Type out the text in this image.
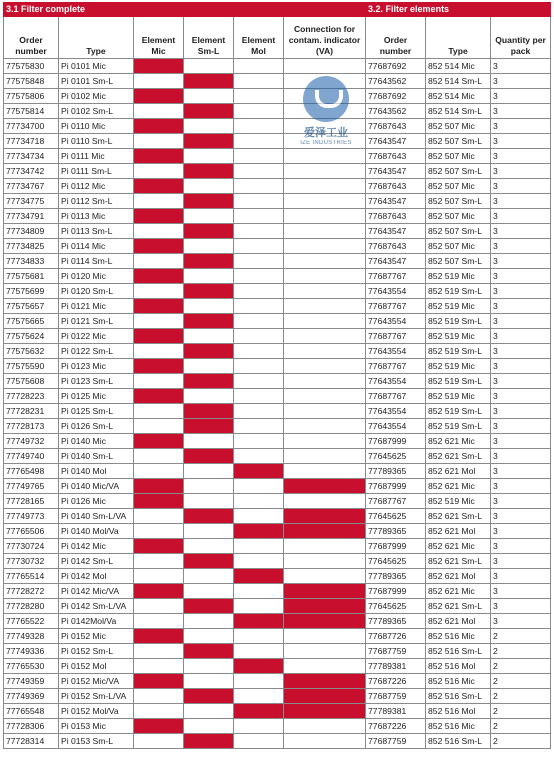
3.1 Filter complete						3.2. Filter elements		
Order number	Type	Element Mic	Element Sm-L	Element Mol	Connection for contam. indicator (VA)	Order number	Type	Quantity per pack
77575830	Pi 0101 Mic					77687692	852 514 Mic	3
77575848	Pi 0101 Sm-L					77643562	852 514 Sm-L	3
77575806	Pi 0102 Mic					77687692	852 514 Mic	3
77575814	Pi 0102 Sm-L					77643562	852 514 Sm-L	3
77734700	Pi 0110 Mic					77687643	852 507 Mic	3
77734718	Pi 0110 Sm-L					77643547	852 507 Sm-L	3
77734734	Pi 0111 Mic					77687643	852 507 Mic	3
77734742	Pi 0111 Sm-L					77643547	852 507 Sm-L	3
77734767	Pi 0112 Mic					77687643	852 507 Mic	3
77734775	Pi 0112 Sm-L					77643547	852 507 Sm-L	3
77734791	Pi 0113 Mic					77687643	852 507 Mic	3
77734809	Pi 0113 Sm-L					77643547	852 507 Sm-L	3
77734825	Pi 0114 Mic					77687643	852 507 Mic	3
77734833	Pi 0114 Sm-L					77643547	852 507 Sm-L	3
77575681	Pi 0120 Mic					77687767	852 519 Mic	3
77575699	Pi 0120 Sm-L					77643554	852 519 Sm-L	3
77575657	Pi 0121 Mic					77687767	852 519 Mic	3
77575665	Pi 0121 Sm-L					77643554	852 519 Sm-L	3
77575624	Pi 0122 Mic					77687767	852 519 Mic	3
77575632	Pi 0122 Sm-L					77643554	852 519 Sm-L	3
77575590	Pi 0123 Mic					77687767	852 519 Mic	3
77575608	Pi 0123 Sm-L					77643554	852 519 Sm-L	3
77728223	Pi 0125 Mic					77687767	852 519 Mic	3
77728231	Pi 0125 Sm-L					77643554	852 519 Sm-L	3
77728173	Pi 0126 Sm-L					77643554	852 519 Sm-L	3
77749732	Pi 0140 Mic					77687999	852 621 Mic	3
77749740	Pi 0140 Sm-L					77645625	852 621 Sm-L	3
77765498	Pi 0140 Mol					77789365	852 621 Mol	3
77749765	Pi 0140 Mic/VA					77687999	852 621 Mic	3
77728165	Pi 0126 Mic					77687767	852 519 Mic	3
77749773	Pi 0140 Sm-L/VA					77645625	852 621 Sm-L	3
77765506	Pi 0140 Mol/Va					77789365	852 621 Mol	3
77730724	Pi 0142 Mic					77687999	852 621 Mic	3
77730732	Pi 0142 Sm-L					77645625	852 621 Sm-L	3
77765514	Pi 0142 Mol					77789365	852 621 Mol	3
77728272	Pi 0142 Mic/VA					77687999	852 621 Mic	3
77728280	Pi 0142 Sm-L/VA					77645625	852 621 Sm-L	3
77765522	Pi 0142Mol/Va					77789365	852 621 Mol	3
77749328	Pi 0152 Mic					77687726	852 516 Mic	2
77749336	Pi 0152 Sm-L					77687759	852 516 Sm-L	2
77765530	Pi 0152 Mol					77789381	852 516 Mol	2
77749359	Pi 0152 Mic/VA					77687226	852 516 Mic	2
77749369	Pi 0152 Sm-L/VA					77687759	852 516 Sm-L	2
77765548	Pi 0152 Mol/Va					77789381	852 516 Mol	2
77728306	Pi 0153 Mic					77687226	852 516 Mic	2
77728314	Pi 0153 Sm-L					77687759	852 516 Sm-L	2
爱泽工业
IZE INDUSTRIES
